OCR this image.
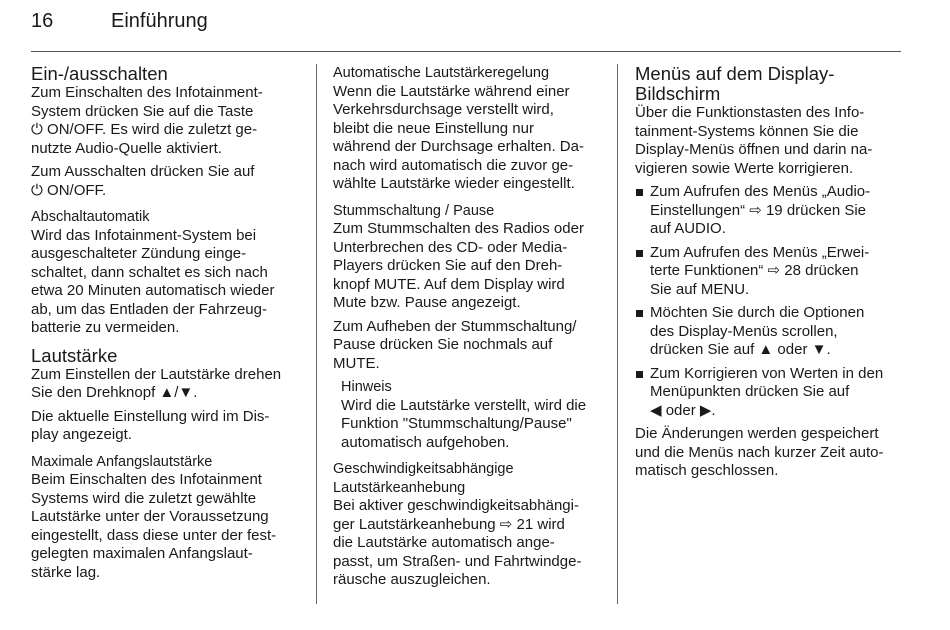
16	Einführung
Ein-/ausschalten

Zum Einschalten des Infotainment-
System drücken Sie auf die Taste
⏻ ON/OFF. Es wird die zuletzt ge-
nutzte Audio-Quelle aktiviert.

Zum Ausschalten drücken Sie auf
⏻ ON/OFF.

Abschaltautomatik

Wird das Infotainment-System bei
ausgeschalteter Zündung einge-
schaltet, dann schaltet es sich nach
etwa 20 Minuten automatisch wieder
ab, um das Entladen der Fahrzeug-
batterie zu vermeiden.

Lautstärke

Zum Einstellen der Lautstärke drehen
Sie den Drehknopf ▲/▼.

Die aktuelle Einstellung wird im Dis-
play angezeigt.

Maximale Anfangslautstärke

Beim Einschalten des Infotainment
Systems wird die zuletzt gewählte
Lautstärke unter der Voraussetzung
eingestellt, dass diese unter der fest-
gelegten maximalen Anfangslaut-
stärke lag.

Automatische Lautstärkeregelung

Wenn die Lautstärke während einer
Verkehrsdurchsage verstellt wird,
bleibt die neue Einstellung nur
während der Durchsage erhalten. Da-
nach wird automatisch die zuvor ge-
wählte Lautstärke wieder eingestellt.

Stummschaltung / Pause

Zum Stummschalten des Radios oder
Unterbrechen des CD- oder Media-
Players drücken Sie auf den Dreh-
knopf MUTE. Auf dem Display wird
Mute bzw. Pause angezeigt.

Zum Aufheben der Stummschaltung/
Pause drücken Sie nochmals auf
MUTE.

Hinweis
Wird die Lautstärke verstellt, wird die
Funktion "Stummschaltung/Pause"
automatisch aufgehoben.
Geschwindigkeitsabhängige
Lautstärkeanhebung

Bei aktiver geschwindigkeitsabhängi-
ger Lautstärkeanhebung ⇨ 21 wird
die Lautstärke automatisch ange-
passt, um Straßen- und Fahrtwindge-
räusche auszugleichen.

Menüs auf dem Display-
Bildschirm

Über die Funktionstasten des Info-
tainment-Systems können Sie die
Display-Menüs öffnen und darin na-
vigieren sowie Werte korrigieren.

Zum Aufrufen des Menüs „Audio-
Einstellungen“ ⇨ 19 drücken Sie
auf AUDIO.
Zum Aufrufen des Menüs „Erwei-
terte Funktionen“ ⇨ 28 drücken
Sie auf MENU.
Möchten Sie durch die Optionen
des Display-Menüs scrollen,
drücken Sie auf ▲ oder ▼.
Zum Korrigieren von Werten in den
Menüpunkten drücken Sie auf
◀ oder ▶.

Die Änderungen werden gespeichert
und die Menüs nach kurzer Zeit auto-
matisch geschlossen.
